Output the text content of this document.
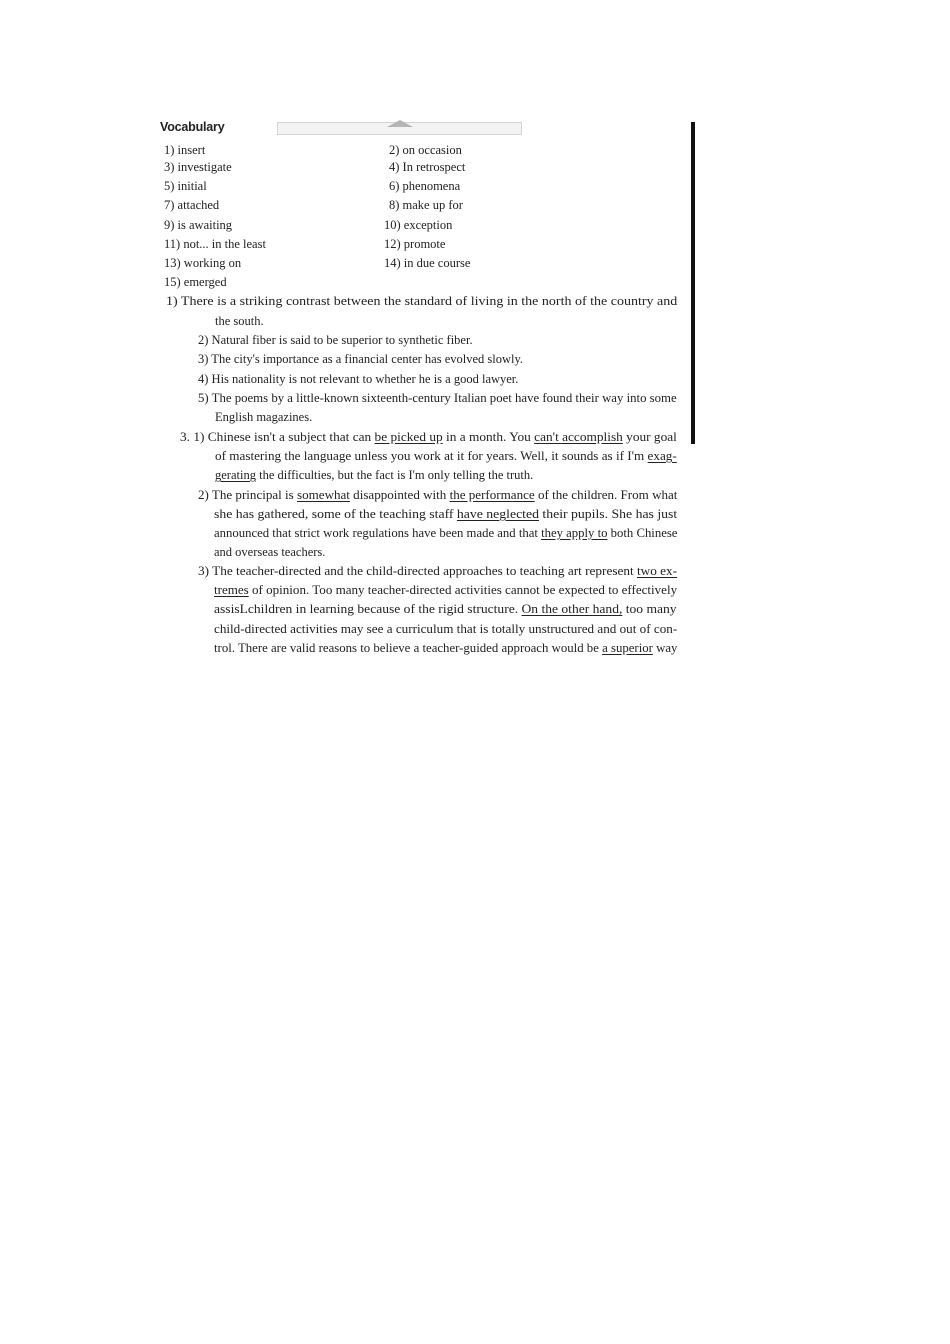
Vocabulary
1) insert	2) on occasion
3) investigate	4) In retrospect
5) initial	6) phenomena
7) attached	8) make up for
9) is awaiting	10) exception
11) not... in the least	12) promote
13) working on	14) in due course
15) emerged
1) There is a striking contrast between the standard of living in the north of the country and
the south.
2) Natural fiber is said to be superior to synthetic fiber.
3) The city's importance as a financial center has evolved slowly.
4) His nationality is not relevant to whether he is a good lawyer.
5) The poems by a little-known sixteenth-century Italian poet have found their way into some
English magazines.
3. 1) Chinese isn't a subject that can be picked up in a month. You can't accomplish your goal
of mastering the language unless you work at it for years. Well, it sounds as if I'm exag-
gerating the difficulties, but the fact is I'm only telling the truth.
2) The principal is somewhat disappointed with the performance of the children. From what
she has gathered, some of the teaching staff have neglected their pupils. She has just
announced that strict work regulations have been made and that they apply to both Chinese
and overseas teachers.
3) The teacher-directed and the child-directed approaches to teaching art represent two ex-
tremes of opinion. Too many teacher-directed activities cannot be expected to effectively
assisLchildren in learning because of the rigid structure. On the other hand, too many
child-directed activities may see a curriculum that is totally unstructured and out of con-
trol. There are valid reasons to believe a teacher-guided approach would be a superior way
